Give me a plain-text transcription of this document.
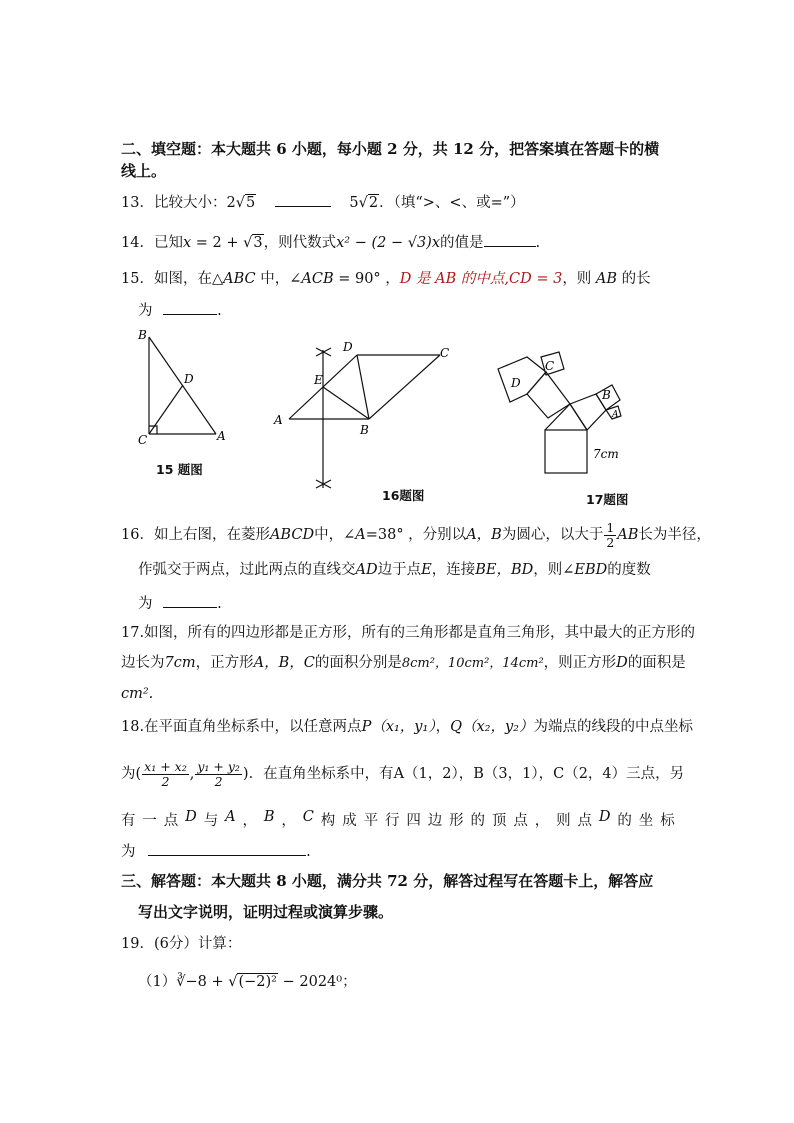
二、填空题：本大题共 6 小题，每小题 2 分，共 12 分，把答案填在答题卡的横
线上。
13．比较大小：2√5	5√2．（填“>、<、或=”）
14．已知x = 2 + √3，则代数式x² − (2 − √3)x的值是	.
15．如图，在△ABC 中，∠ACB = 90° ，D 是 AB 的中点,CD = 3，则 AB 的长
为	.
B
D
C	A
D	C
E
A
B
C
D
B
A
7cm
15 题图
16题图	17题图
16．如上右图，在菱形ABCD中，∠A=38° ，分别以A，B为圆心，以大于 $\frac{1}{2}$ AB长为半径，
作弧交于两点，过此两点的直线交AD边于点E，连接BE，BD，则∠EBD的度数
为	.
17.如图，所有的四边形都是正方形，所有的三角形都是直角三角形，其中最大的正方形的
边长为7cm，正方形A，B，C的面积分别是8cm²，10cm²，14cm²，则正方形D的面积是
cm².
18.在平面直角坐标系中，以任意两点P（x₁，y₁），Q（x₂，y₂）为端点的线段的中点坐标
为( $\frac{\text{x₁ + x₂}}{2}$ , $\frac{\text{y₁ + y₂}}{2}$ )．在直角坐标系中，有A（1，2），B（3，1），C（2，4）三点，另
有 一 点 D 与 A ， B ， C 构 成 平 行 四 边 形 的 顶 点 ， 则 点 D 的 坐 标
为	.
三、解答题：本大题共 8 小题，满分共 72 分，解答过程写在答题卡上，解答应
写出文字说明，证明过程或演算步骤。
19．(6分）计算：
（1）∛−8 + √(−2)² − 2024⁰；
